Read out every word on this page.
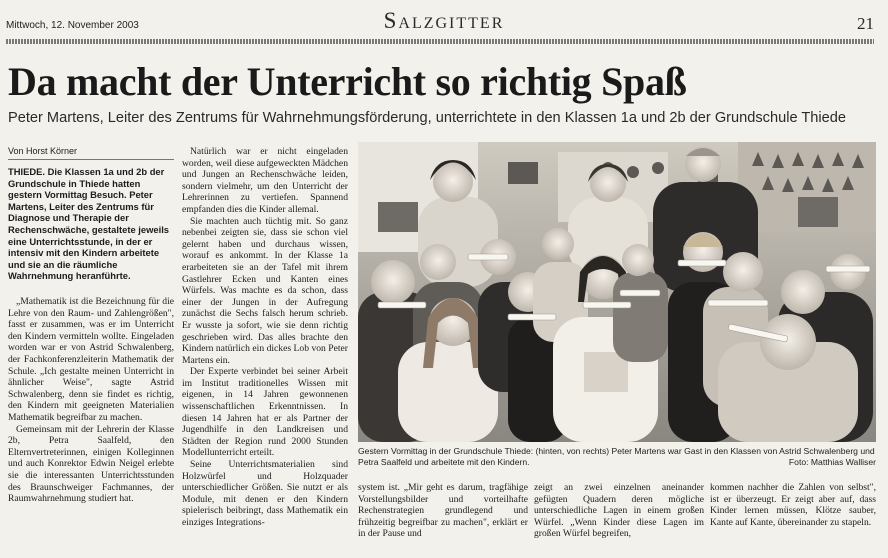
Mittwoch, 12. November 2003	Salzgitter	21
Da macht der Unterricht so richtig Spaß
Peter Martens, Leiter des Zentrums für Wahrnehmungsförderung, unterrichtete in den Klassen 1a und 2b der Grundschule Thiede
Von Horst Körner
THIEDE. Die Klassen 1a und 2b der Grundschule in Thiede hatten gestern Vormittag Besuch. Peter Martens, Leiter des Zentrums für Diagnose und Therapie der Rechenschwäche, gestaltete jeweils eine Unterrichtsstunde, in der er intensiv mit den Kindern arbeitete und sie an die räumliche Wahrnehmung heranführte.

„Mathematik ist die Bezeichnung für die Lehre von den Raum- und Zahlengrößen", fasst er zusammen, was er im Unterricht den Kindern vermitteln wollte. Eingeladen worden war er von Astrid Schwalenberg, der Fachkonferenzleiterin Mathematik der Schule. „Ich gestalte meinen Unterricht in ähnlicher Weise", sagte Astrid Schwalenberg, denn sie findet es richtig, den Kindern mit geeigneten Materialien Mathematik begreifbar zu machen.

Gemeinsam mit der Lehrerin der Klasse 2b, Petra Saalfeld, den Elternvertreterinnen, einigen Kolleginnen und auch Konrektor Edwin Neigel erlebte sie die interessanten Unterrichtsstunden des Braunschweiger Fachmannes, der Raumwahrnehmung studiert hat.

Natürlich war er nicht eingeladen worden, weil diese aufgeweckten Mädchen und Jungen an Rechenschwäche leiden, sondern vielmehr, um den Unterricht der Lehrerinnen zu vertiefen. Spannend empfanden dies die Kinder allemal.

Sie machten auch tüchtig mit. So ganz nebenbei zeigten sie, dass sie schon viel gelernt haben und durchaus wissen, worauf es ankommt. In der Klasse 1a erarbeiteten sie an der Tafel mit ihrem Gastlehrer Ecken und Kanten eines Würfels. Was machte es da schon, dass einer der Jungen in der Aufregung zunächst die Sechs falsch herum schrieb. Er wusste ja sofort, wie sie denn richtig geschrieben wird. Das alles brachte den Kindern natürlich ein dickes Lob von Peter Martens ein.

Der Experte verbindet bei seiner Arbeit im Institut traditionelles Wissen mit eigenen, in 14 Jahren gewonnenen wissenschaftlichen Erkenntnissen. In diesen 14 Jahren hat er als Partner der Jugendhilfe in den Landkreisen und Städten der Region rund 2000 Stunden Modellunterricht erteilt.

Seine Unterrichtsmaterialien sind Holzwürfel und Holzquader unterschiedlicher Größen. Sie nutzt er als Module, mit denen er den Kindern spielerisch beibringt, dass Mathematik ein einziges Integrations-

Gestern Vormittag in der Grundschule Thiede: (hinten, von rechts) Peter Martens war Gast in den Klassen von Astrid Schwalenberg und Petra Saalfeld und arbeitete mit den Kindern.	Foto: Matthias Walliser
system ist. „Mir geht es darum, tragfähige Vorstellungsbilder und vorteilhafte Rechenstrategien grundlegend und frühzeitig begreifbar zu machen", erklärt er in der Pause und
zeigt an zwei einzelnen aneinander gefügten Quadern deren mögliche unterschiedliche Lagen in einem großen Würfel. „Wenn Kinder diese Lagen im großen Würfel begreifen,
kommen nachher die Zahlen von selbst", ist er überzeugt. Er zeigt aber auf, dass Kinder lernen müssen, Klötze sauber, Kante auf Kante, übereinander zu stapeln.
